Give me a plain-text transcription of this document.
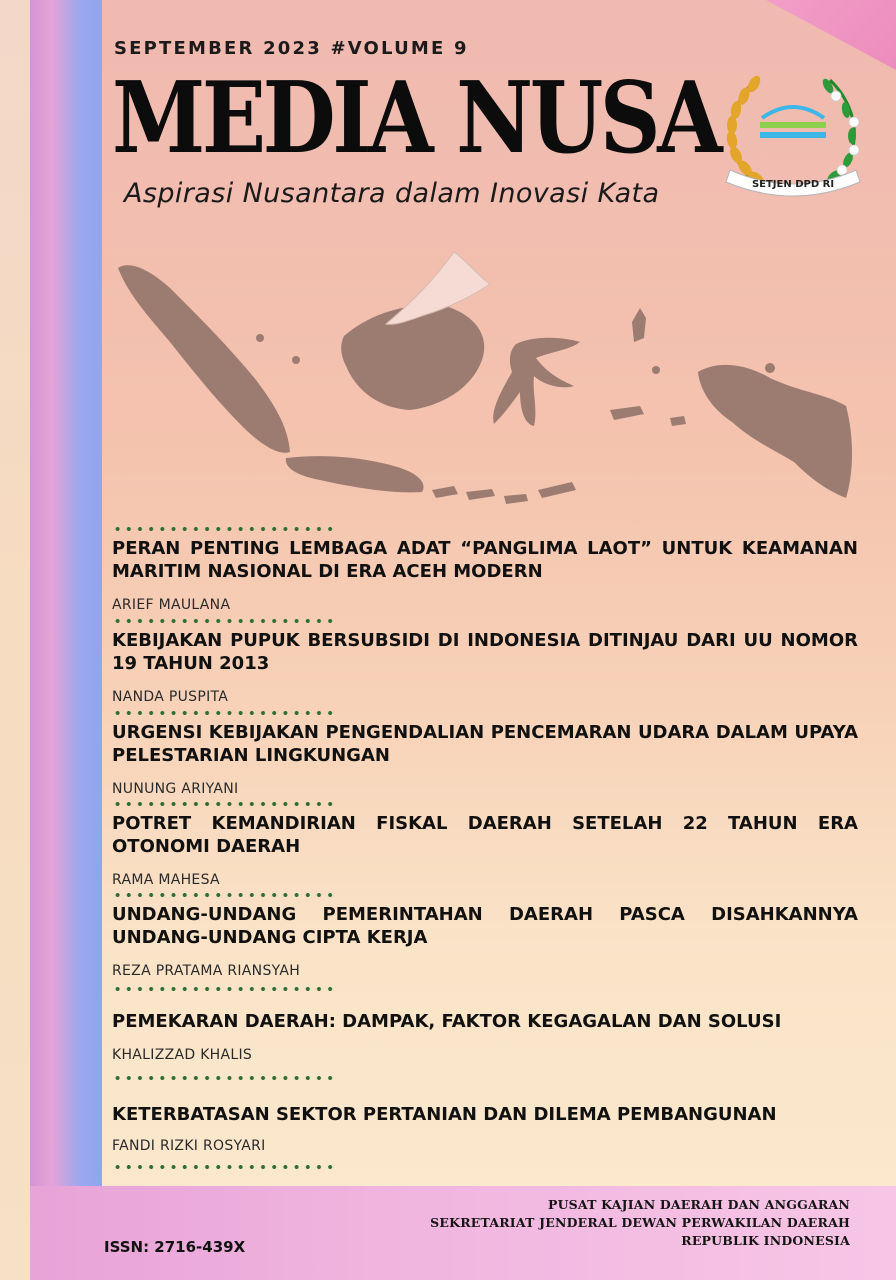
SEPTEMBER 2023 #VOLUME 9
MEDIA NUSA
Aspirasi Nusantara dalam Inovasi Kata	SETJEN DPD RI
PERAN PENTING LEMBAGA ADAT “PANGLIMA LAOT” UNTUK KEAMANAN MARITIM NASIONAL DI ERA ACEH MODERN
ARIEF MAULANA
KEBIJAKAN PUPUK BERSUBSIDI DI INDONESIA DITINJAU DARI UU NOMOR 19 TAHUN 2013
NANDA PUSPITA
URGENSI KEBIJAKAN PENGENDALIAN PENCEMARAN UDARA DALAM UPAYA PELESTARIAN LINGKUNGAN
NUNUNG ARIYANI
POTRET KEMANDIRIAN FISKAL DAERAH SETELAH 22 TAHUN ERA OTONOMI DAERAH
RAMA MAHESA
UNDANG-UNDANG PEMERINTAHAN DAERAH PASCA DISAHKANNYA UNDANG-UNDANG CIPTA KERJA
REZA PRATAMA RIANSYAH
PEMEKARAN DAERAH: DAMPAK, FAKTOR KEGAGALAN DAN SOLUSI
KHALIZZAD KHALIS
KETERBATASAN SEKTOR PERTANIAN DAN DILEMA PEMBANGUNAN
FANDI RIZKI ROSYARI
ISSN: 2716-439X
PUSAT KAJIAN DAERAH DAN ANGGARAN
SEKRETARIAT JENDERAL DEWAN PERWAKILAN DAERAH
REPUBLIK INDONESIA
